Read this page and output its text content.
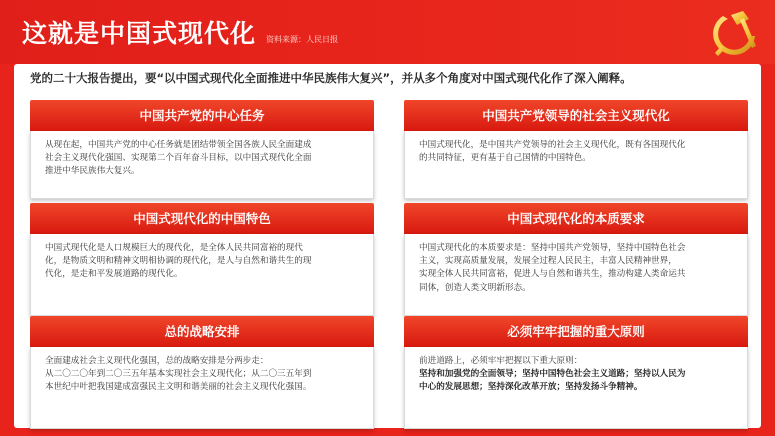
这就是中国式现代化 资料来源：人民日报
党的二十大报告提出，要“以中国式现代化全面推进中华民族伟大复兴”，并从多个角度对中国式现代化作了深入阐释。
中国共产党的中心任务
从现在起，中国共产党的中心任务就是团结带领全国各族人民全面建成
社会主义现代化强国、实现第二个百年奋斗目标，以中国式现代化全面
推进中华民族伟大复兴。
中国共产党领导的社会主义现代化
中国式现代化，是中国共产党领导的社会主义现代化，既有各国现代化
的共同特征，更有基于自己国情的中国特色。
中国式现代化的中国特色
中国式现代化是人口规模巨大的现代化，是全体人民共同富裕的现代
化，是物质文明和精神文明相协调的现代化，是人与自然和谐共生的现
代化，是走和平发展道路的现代化。
中国式现代化的本质要求
中国式现代化的本质要求是：坚持中国共产党领导，坚持中国特色社会
主义，实现高质量发展，发展全过程人民民主，丰富人民精神世界，
实现全体人民共同富裕，促进人与自然和谐共生，推动构建人类命运共
同体，创造人类文明新形态。
总的战略安排
全面建成社会主义现代化强国，总的战略安排是分两步走：
从二〇二〇年到二〇三五年基本实现社会主义现代化；从二〇三五年到
本世纪中叶把我国建成富强民主文明和谐美丽的社会主义现代化强国。
必须牢牢把握的重大原则
前进道路上，必须牢牢把握以下重大原则：
坚持和加强党的全面领导；坚持中国特色社会主义道路；坚持以人民为
中心的发展思想；坚持深化改革开放；坚持发扬斗争精神。
